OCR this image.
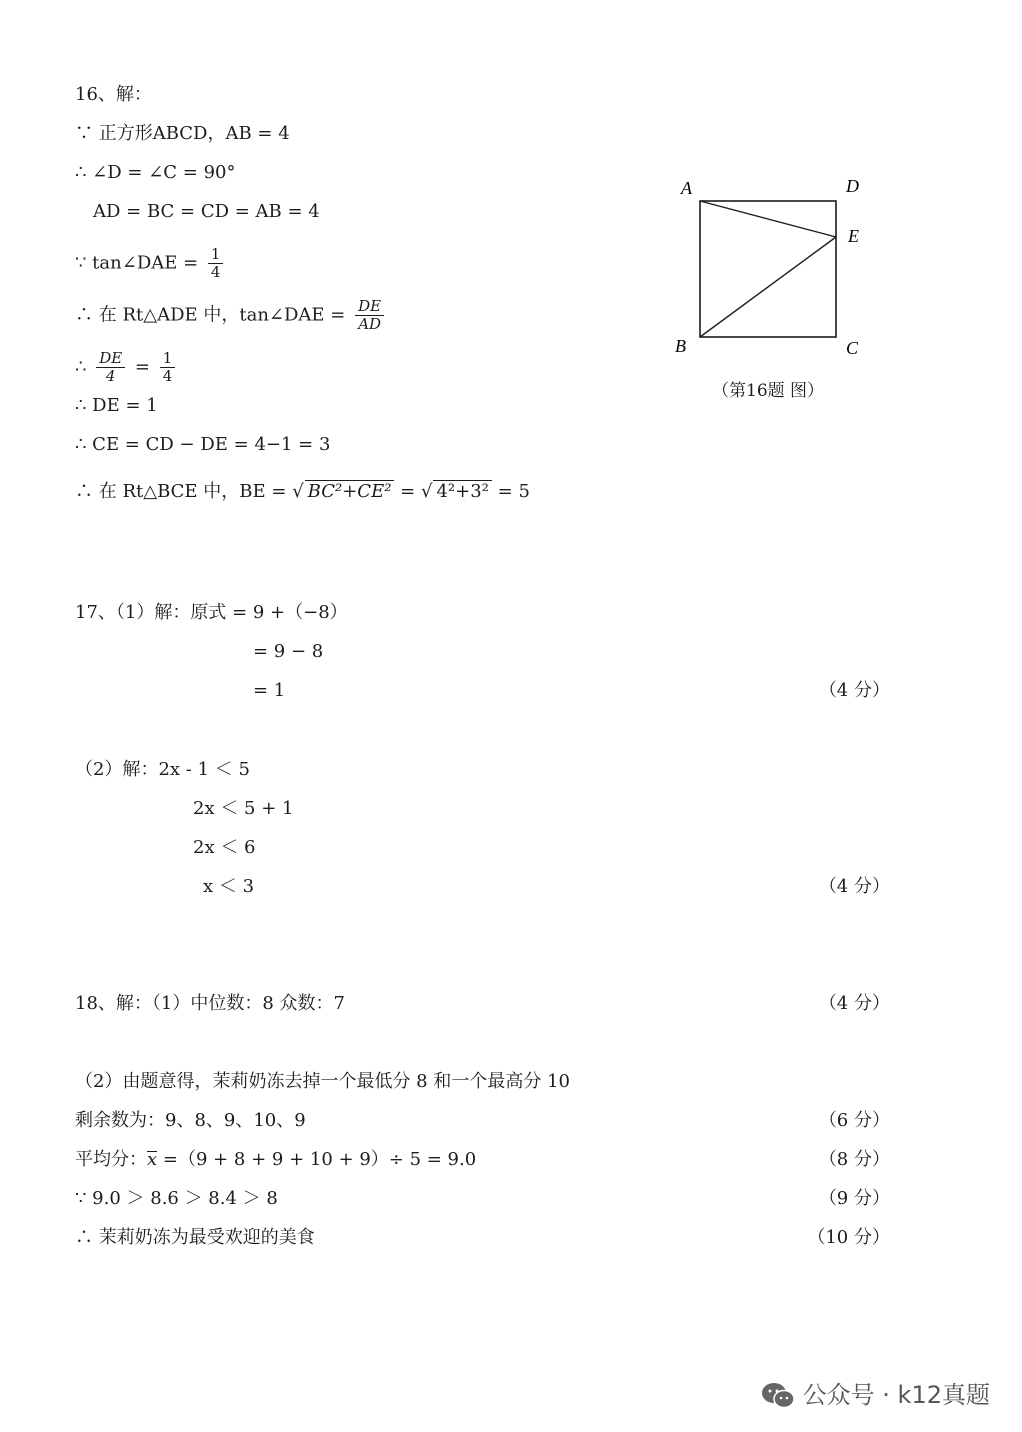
16、解：
∵ 正方形ABCD，AB = 4
∴ ∠D = ∠C = 90°
AD = BC = CD = AB = 4
∵ tan∠DAE = $\frac{1}{4}$
∴ 在 Rt△ADE 中，tan∠DAE = $\frac{DE}{AD}$
∴ $\frac{DE}{4} = \frac{1}{4}$
∴ DE = 1
∴ CE = CD − DE = 4−1 = 3
∴ 在 Rt△BCE 中，BE = √ BC²+CE² = √ 4²+3² = 5
A	D
E
B	C
（第16题 图）
17、（1）解：原式 = 9 +（−8）
= 9 − 8
= 1	（4 分）
（2）解：2x - 1 ＜ 5
2x ＜ 5 + 1
2x ＜ 6
x ＜ 3	（4 分）
18、解：（1）中位数：8 众数：7	（4 分）
（2）由题意得，茉莉奶冻去掉一个最低分 8 和一个最高分 10
剩余数为：9、8、9、10、9	（6 分）
平均分：x =（9 + 8 + 9 + 10 + 9）÷ 5 = 9.0	（8 分）
∵ 9.0 ＞ 8.6 ＞ 8.4 ＞ 8	（9 分）
∴ 茉莉奶冻为最受欢迎的美食	（10 分）
公众号 · k12真题
